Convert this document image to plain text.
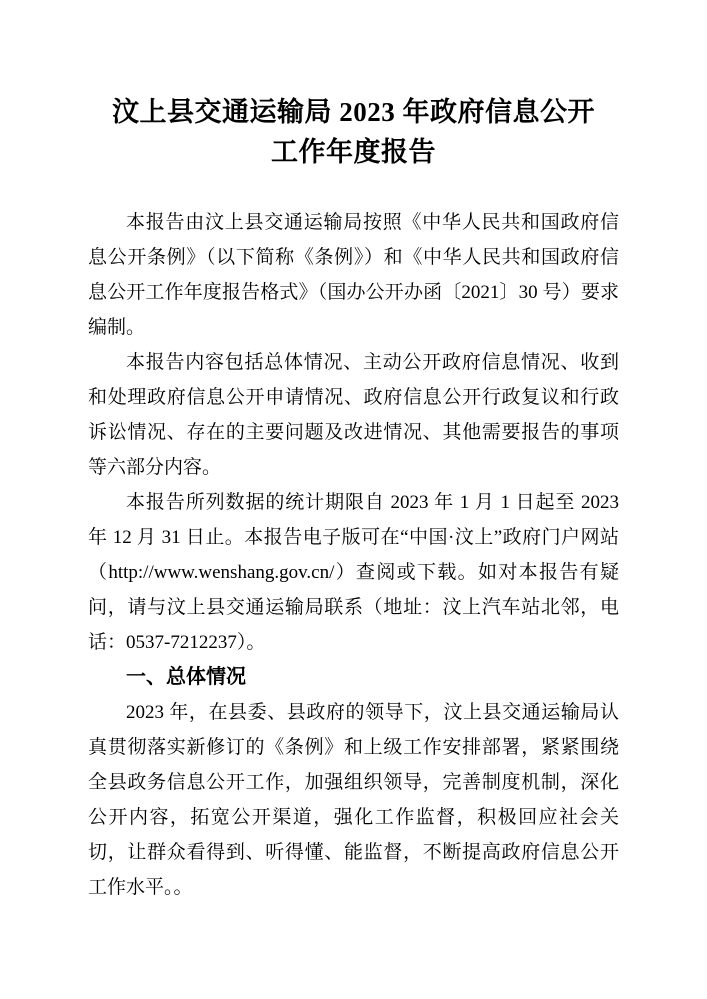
汶上县交通运输局 2023 年政府信息公开
工作年度报告

本报告由汶上县交通运输局按照《中华人民共和国政府信息公开条例》（以下简称《条例》）和《中华人民共和国政府信息公开工作年度报告格式》（国办公开办函〔2021〕30 号）要求编制。

本报告内容包括总体情况、主动公开政府信息情况、收到和处理政府信息公开申请情况、政府信息公开行政复议和行政诉讼情况、存在的主要问题及改进情况、其他需要报告的事项等六部分内容。

本报告所列数据的统计期限自 2023 年 1 月 1 日起至 2023 年 12 月 31 日止。本报告电子版可在“中国·汶上”政府门户网站（http://www.wenshang.gov.cn/）查阅或下载。如对本报告有疑问，请与汶上县交通运输局联系（地址：汶上汽车站北邻，电话：0537-7212237）。

一、总体情况

2023 年，在县委、县政府的领导下，汶上县交通运输局认真贯彻落实新修订的《条例》和上级工作安排部署，紧紧围绕全县政务信息公开工作，加强组织领导，完善制度机制，深化公开内容，拓宽公开渠道，强化工作监督，积极回应社会关切，让群众看得到、听得懂、能监督，不断提高政府信息公开工作水平。。
